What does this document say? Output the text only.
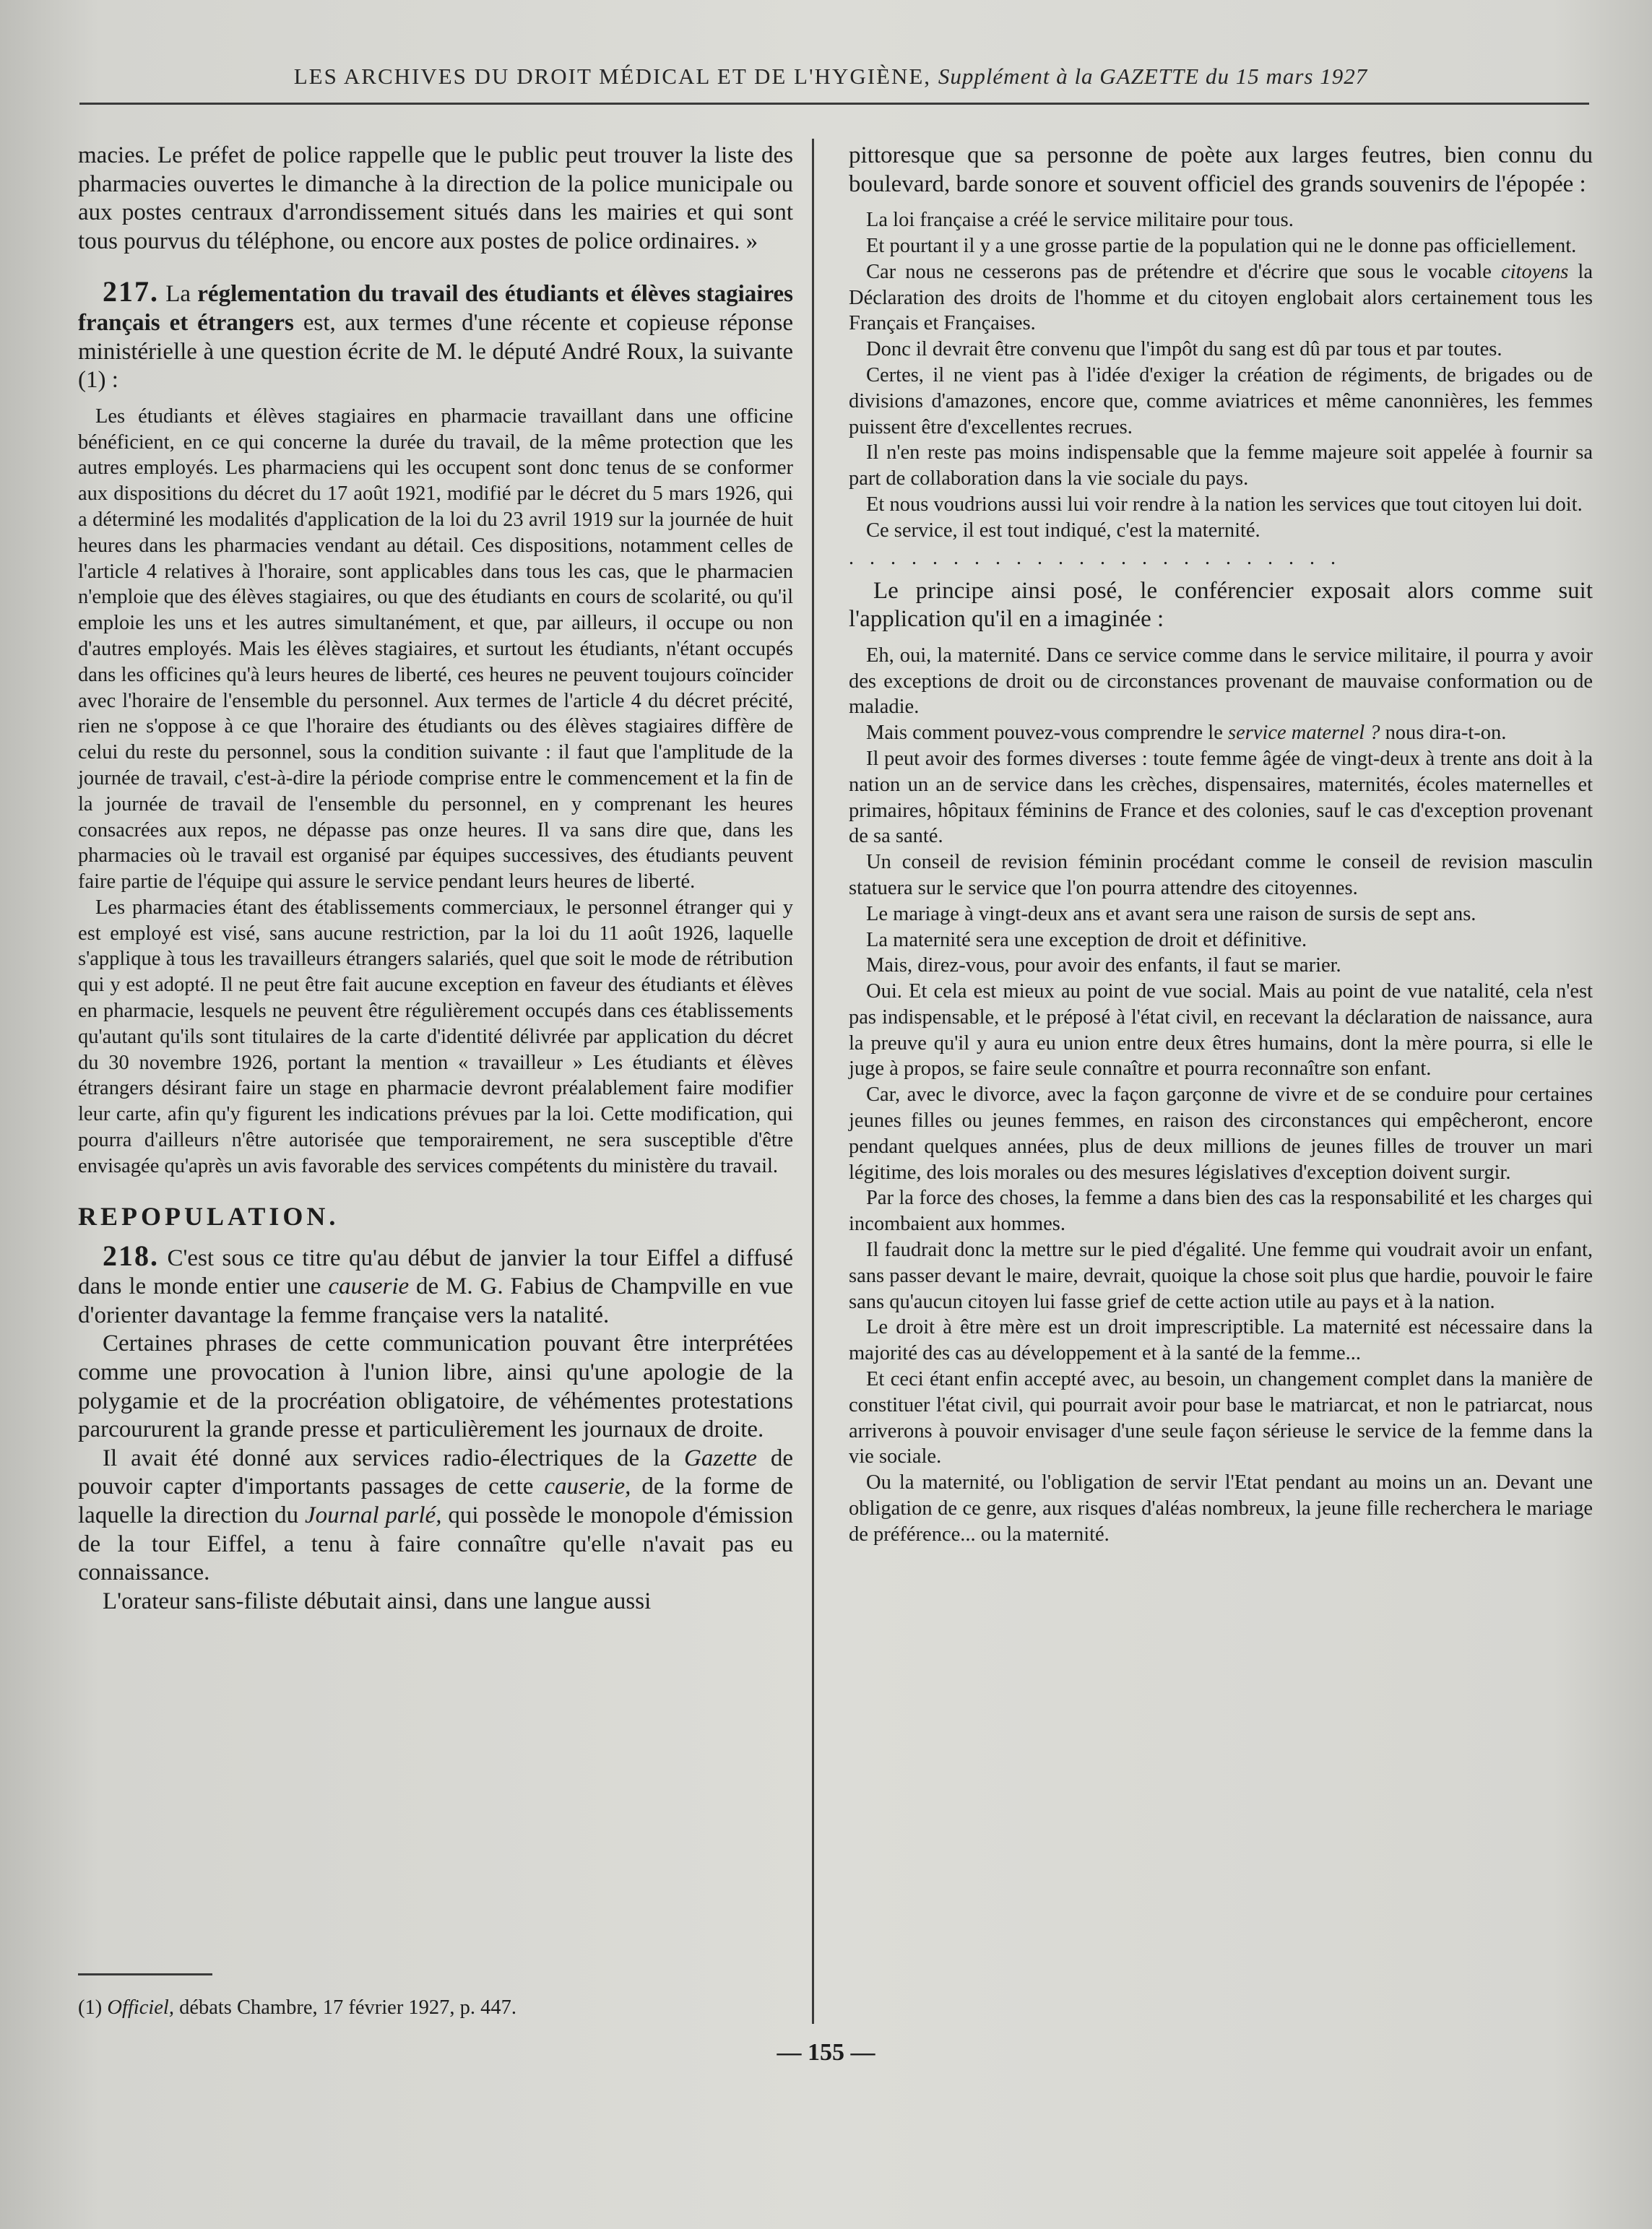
LES ARCHIVES DU DROIT MÉDICAL ET DE L'HYGIÈNE, Supplément à la GAZETTE du 15 mars 1927

macies. Le préfet de police rappelle que le public peut trouver la liste des pharmacies ouvertes le dimanche à la direction de la police municipale ou aux postes centraux d'arrondissement situés dans les mairies et qui sont tous pourvus du téléphone, ou encore aux postes de police ordinaires. »

217. La réglementation du travail des étudiants et élèves stagiaires français et étrangers est, aux termes d'une récente et copieuse réponse ministérielle à une question écrite de M. le député André Roux, la suivante (1) :

Les étudiants et élèves stagiaires en pharmacie travaillant dans une officine bénéficient, en ce qui concerne la durée du travail, de la même protection que les autres employés. Les pharmaciens qui les occupent sont donc tenus de se conformer aux dispositions du décret du 17 août 1921, modifié par le décret du 5 mars 1926, qui a déterminé les modalités d'application de la loi du 23 avril 1919 sur la journée de huit heures dans les pharmacies vendant au détail. Ces dispositions, notamment celles de l'article 4 relatives à l'horaire, sont applicables dans tous les cas, que le pharmacien n'emploie que des élèves stagiaires, ou que des étudiants en cours de scolarité, ou qu'il emploie les uns et les autres simultanément, et que, par ailleurs, il occupe ou non d'autres employés. Mais les élèves stagiaires, et surtout les étudiants, n'étant occupés dans les officines qu'à leurs heures de liberté, ces heures ne peuvent toujours coïncider avec l'horaire de l'ensemble du personnel. Aux termes de l'article 4 du décret précité, rien ne s'oppose à ce que l'horaire des étudiants ou des élèves stagiaires diffère de celui du reste du personnel, sous la condition suivante : il faut que l'amplitude de la journée de travail, c'est-à-dire la période comprise entre le commencement et la fin de la journée de travail de l'ensemble du personnel, en y comprenant les heures consacrées aux repos, ne dépasse pas onze heures. Il va sans dire que, dans les pharmacies où le travail est organisé par équipes successives, des étudiants peuvent faire partie de l'équipe qui assure le service pendant leurs heures de liberté.

Les pharmacies étant des établissements commerciaux, le personnel étranger qui y est employé est visé, sans aucune restriction, par la loi du 11 août 1926, laquelle s'applique à tous les travailleurs étrangers salariés, quel que soit le mode de rétribution qui y est adopté. Il ne peut être fait aucune exception en faveur des étudiants et élèves en pharmacie, lesquels ne peuvent être régulièrement occupés dans ces établissements qu'autant qu'ils sont titulaires de la carte d'identité délivrée par application du décret du 30 novembre 1926, portant la mention « travailleur » Les étudiants et élèves étrangers désirant faire un stage en pharmacie devront préalablement faire modifier leur carte, afin qu'y figurent les indications prévues par la loi. Cette modification, qui pourra d'ailleurs n'être autorisée que temporairement, ne sera susceptible d'être envisagée qu'après un avis favorable des services compétents du ministère du travail.

REPOPULATION.

218. C'est sous ce titre qu'au début de janvier la tour Eiffel a diffusé dans le monde entier une causerie de M. G. Fabius de Champville en vue d'orienter davantage la femme française vers la natalité.

Certaines phrases de cette communication pouvant être interprétées comme une provocation à l'union libre, ainsi qu'une apologie de la polygamie et de la procréation obligatoire, de véhémentes protestations parcoururent la grande presse et particulièrement les journaux de droite.

Il avait été donné aux services radio-électriques de la Gazette de pouvoir capter d'importants passages de cette causerie, de la forme de laquelle la direction du Journal parlé, qui possède le monopole d'émission de la tour Eiffel, a tenu à faire connaître qu'elle n'avait pas eu connaissance.

L'orateur sans-filiste débutait ainsi, dans une langue aussi

pittoresque que sa personne de poète aux larges feutres, bien connu du boulevard, barde sonore et souvent officiel des grands souvenirs de l'épopée :

La loi française a créé le service militaire pour tous.

Et pourtant il y a une grosse partie de la population qui ne le donne pas officiellement.

Car nous ne cesserons pas de prétendre et d'écrire que sous le vocable citoyens la Déclaration des droits de l'homme et du citoyen englobait alors certainement tous les Français et Françaises.

Donc il devrait être convenu que l'impôt du sang est dû par tous et par toutes.

Certes, il ne vient pas à l'idée d'exiger la création de régiments, de brigades ou de divisions d'amazones, encore que, comme aviatrices et même canonnières, les femmes puissent être d'excellentes recrues.

Il n'en reste pas moins indispensable que la femme majeure soit appelée à fournir sa part de collaboration dans la vie sociale du pays.

Et nous voudrions aussi lui voir rendre à la nation les services que tout citoyen lui doit.

Ce service, il est tout indiqué, c'est la maternité.

........................

Le principe ainsi posé, le conférencier exposait alors comme suit l'application qu'il en a imaginée :

Eh, oui, la maternité. Dans ce service comme dans le service militaire, il pourra y avoir des exceptions de droit ou de circonstances provenant de mauvaise conformation ou de maladie.

Mais comment pouvez-vous comprendre le service maternel ? nous dira-t-on.

Il peut avoir des formes diverses : toute femme âgée de vingt-deux à trente ans doit à la nation un an de service dans les crèches, dispensaires, maternités, écoles maternelles et primaires, hôpitaux féminins de France et des colonies, sauf le cas d'exception provenant de sa santé.

Un conseil de revision féminin procédant comme le conseil de revision masculin statuera sur le service que l'on pourra attendre des citoyennes.

Le mariage à vingt-deux ans et avant sera une raison de sursis de sept ans.

La maternité sera une exception de droit et définitive.

Mais, direz-vous, pour avoir des enfants, il faut se marier.

Oui. Et cela est mieux au point de vue social. Mais au point de vue natalité, cela n'est pas indispensable, et le préposé à l'état civil, en recevant la déclaration de naissance, aura la preuve qu'il y aura eu union entre deux êtres humains, dont la mère pourra, si elle le juge à propos, se faire seule connaître et pourra reconnaître son enfant.

Car, avec le divorce, avec la façon garçonne de vivre et de se conduire pour certaines jeunes filles ou jeunes femmes, en raison des circonstances qui empêcheront, encore pendant quelques années, plus de deux millions de jeunes filles de trouver un mari légitime, des lois morales ou des mesures législatives d'exception doivent surgir.

Par la force des choses, la femme a dans bien des cas la responsabilité et les charges qui incombaient aux hommes.

Il faudrait donc la mettre sur le pied d'égalité. Une femme qui voudrait avoir un enfant, sans passer devant le maire, devrait, quoique la chose soit plus que hardie, pouvoir le faire sans qu'aucun citoyen lui fasse grief de cette action utile au pays et à la nation.

Le droit à être mère est un droit imprescriptible. La maternité est nécessaire dans la majorité des cas au développement et à la santé de la femme...

Et ceci étant enfin accepté avec, au besoin, un changement complet dans la manière de constituer l'état civil, qui pourrait avoir pour base le matriarcat, et non le patriarcat, nous arriverons à pouvoir envisager d'une seule façon sérieuse le service de la femme dans la vie sociale.

Ou la maternité, ou l'obligation de servir l'Etat pendant au moins un an. Devant une obligation de ce genre, aux risques d'aléas nombreux, la jeune fille recherchera le mariage de préférence... ou la maternité.

(1) Officiel, débats Chambre, 17 février 1927, p. 447.
— 155 —
